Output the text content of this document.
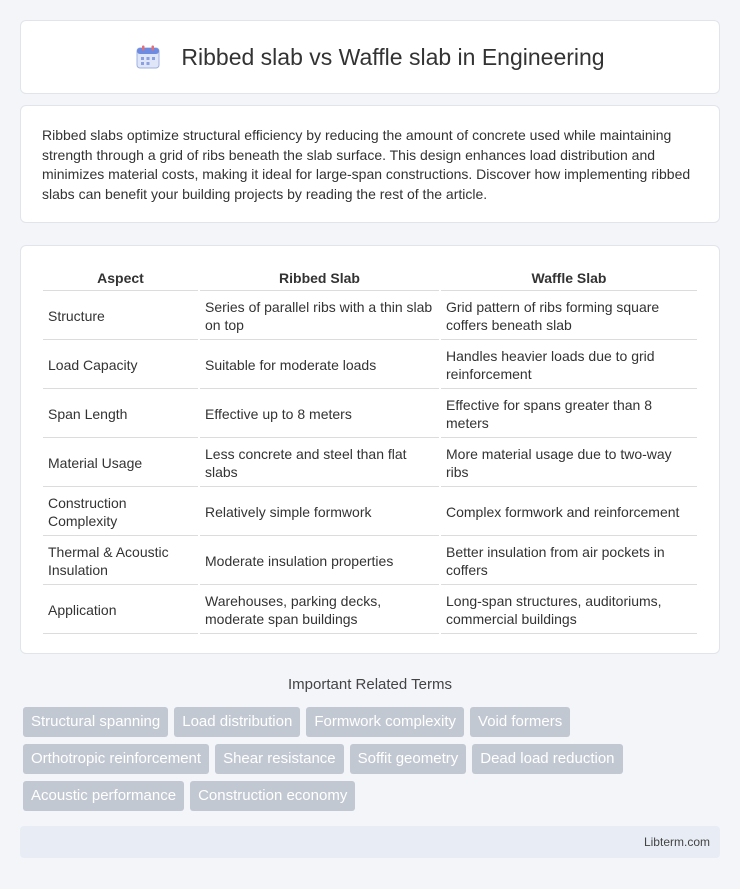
Ribbed slab vs Waffle slab in Engineering

Ribbed slabs optimize structural efficiency by reducing the amount of concrete used while maintaining strength through a grid of ribs beneath the slab surface. This design enhances load distribution and minimizes material costs, making it ideal for large-span constructions. Discover how implementing ribbed slabs can benefit your building projects by reading the rest of the article.

Aspect	Ribbed Slab	Waffle Slab
Structure	Series of parallel ribs with a thin slab on top	Grid pattern of ribs forming square coffers beneath slab
Load Capacity	Suitable for moderate loads	Handles heavier loads due to grid reinforcement
Span Length	Effective up to 8 meters	Effective for spans greater than 8 meters
Material Usage	Less concrete and steel than flat slabs	More material usage due to two-way ribs
Construction Complexity	Relatively simple formwork	Complex formwork and reinforcement
Thermal & Acoustic Insulation	Moderate insulation properties	Better insulation from air pockets in coffers
Application	Warehouses, parking decks, moderate span buildings	Long-span structures, auditoriums, commercial buildings
Important Related Terms
Structural spanning	Load distribution	Formwork complexity	Void formers
Orthotropic reinforcement	Shear resistance	Soffit geometry	Dead load reduction
Acoustic performance	Construction economy
Libterm.com
